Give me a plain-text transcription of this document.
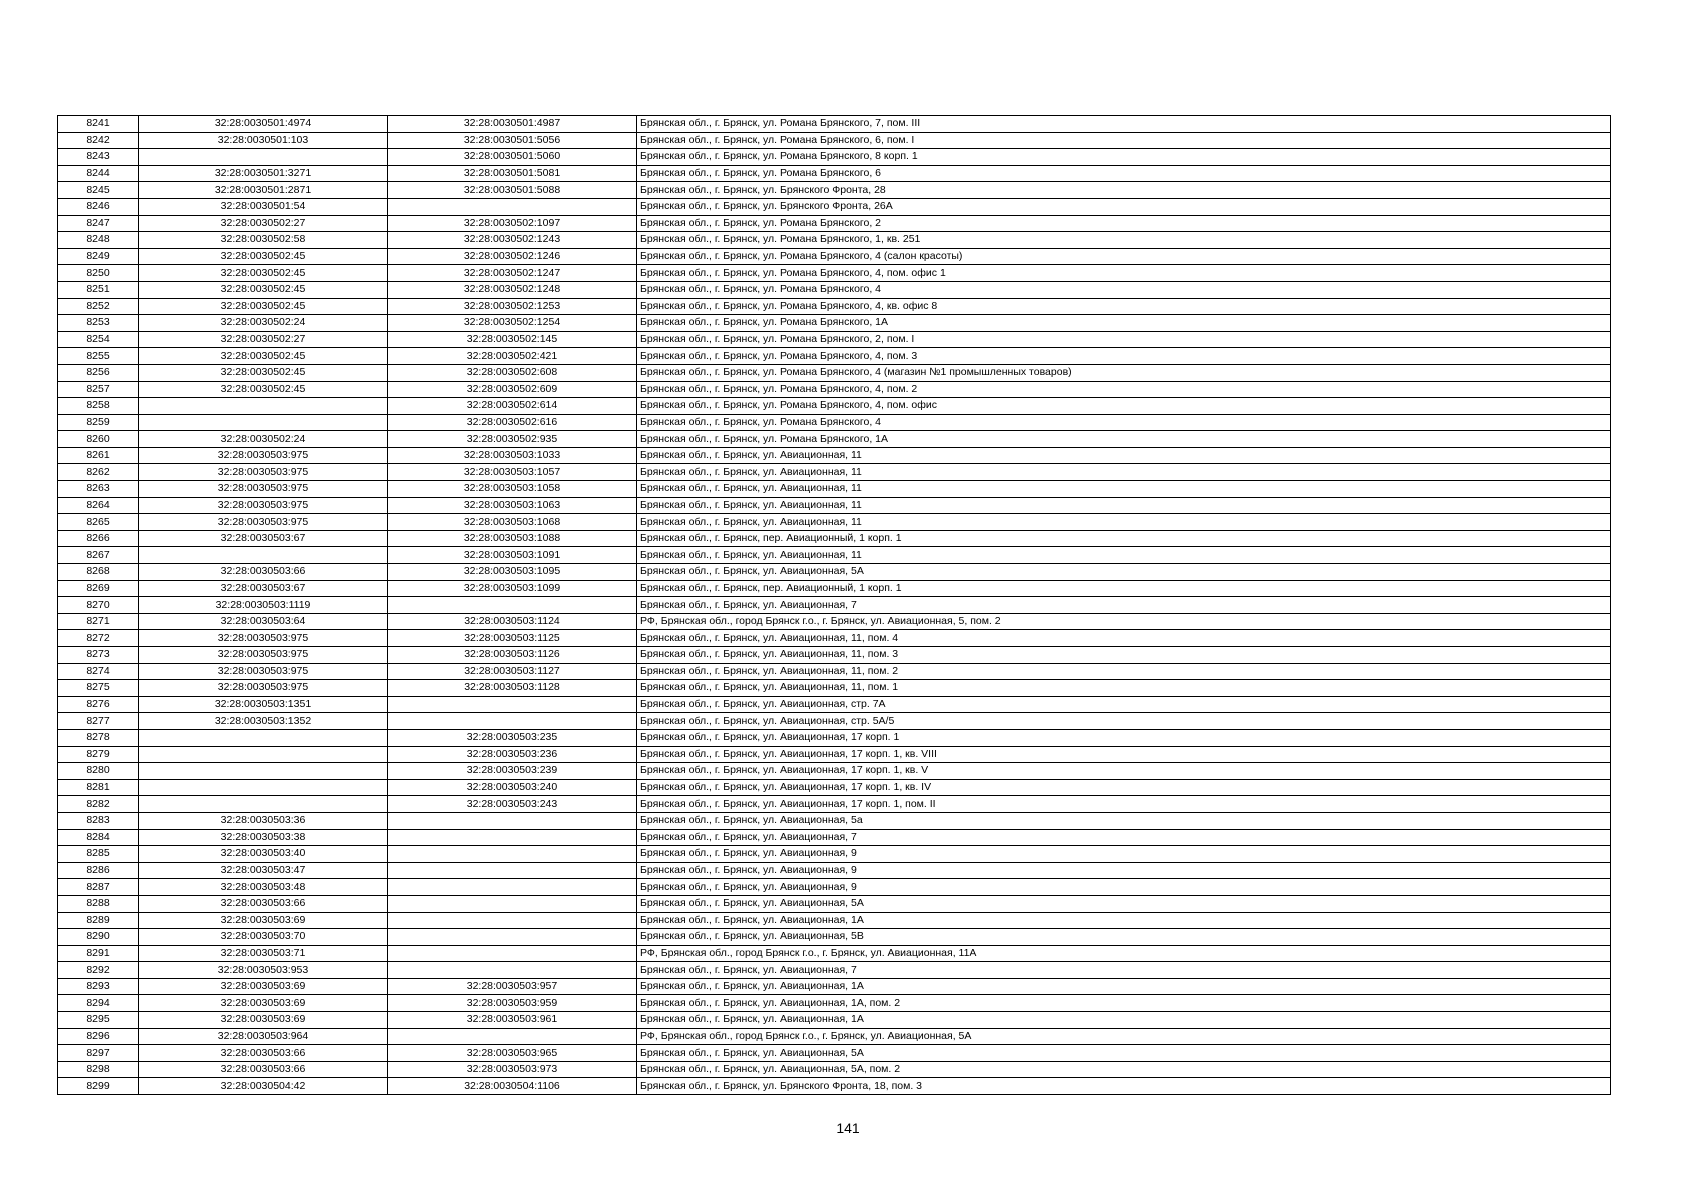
8241	32:28:0030501:4974	32:28:0030501:4987	Брянская обл., г. Брянск, ул. Романа Брянского, 7, пом. III
8242	32:28:0030501:103	32:28:0030501:5056	Брянская обл., г. Брянск, ул. Романа Брянского, 6, пом. I
8243		32:28:0030501:5060	Брянская обл., г. Брянск, ул. Романа Брянского, 8 корп. 1
8244	32:28:0030501:3271	32:28:0030501:5081	Брянская обл., г. Брянск, ул. Романа Брянского, 6
8245	32:28:0030501:2871	32:28:0030501:5088	Брянская обл., г. Брянск, ул. Брянского Фронта, 28
8246	32:28:0030501:54		Брянская обл., г. Брянск, ул. Брянского Фронта, 26А
8247	32:28:0030502:27	32:28:0030502:1097	Брянская обл., г. Брянск, ул. Романа Брянского, 2
8248	32:28:0030502:58	32:28:0030502:1243	Брянская обл., г. Брянск, ул. Романа Брянского, 1, кв. 251
8249	32:28:0030502:45	32:28:0030502:1246	Брянская обл., г. Брянск, ул. Романа Брянского, 4 (салон красоты)
8250	32:28:0030502:45	32:28:0030502:1247	Брянская обл., г. Брянск, ул. Романа Брянского, 4, пом. офис 1
8251	32:28:0030502:45	32:28:0030502:1248	Брянская обл., г. Брянск, ул. Романа Брянского, 4
8252	32:28:0030502:45	32:28:0030502:1253	Брянская обл., г. Брянск, ул. Романа Брянского, 4, кв. офис 8
8253	32:28:0030502:24	32:28:0030502:1254	Брянская обл., г. Брянск, ул. Романа Брянского, 1А
8254	32:28:0030502:27	32:28:0030502:145	Брянская обл., г. Брянск, ул. Романа Брянского, 2, пом. I
8255	32:28:0030502:45	32:28:0030502:421	Брянская обл., г. Брянск, ул. Романа Брянского, 4, пом. 3
8256	32:28:0030502:45	32:28:0030502:608	Брянская обл., г. Брянск, ул. Романа Брянского, 4 (магазин №1 промышленных товаров)
8257	32:28:0030502:45	32:28:0030502:609	Брянская обл., г. Брянск, ул. Романа Брянского, 4, пом. 2
8258		32:28:0030502:614	Брянская обл., г. Брянск, ул. Романа Брянского, 4, пом. офис
8259		32:28:0030502:616	Брянская обл., г. Брянск, ул. Романа Брянского, 4
8260	32:28:0030502:24	32:28:0030502:935	Брянская обл., г. Брянск, ул. Романа Брянского, 1А
8261	32:28:0030503:975	32:28:0030503:1033	Брянская обл., г. Брянск, ул. Авиационная, 11
8262	32:28:0030503:975	32:28:0030503:1057	Брянская обл., г. Брянск, ул. Авиационная, 11
8263	32:28:0030503:975	32:28:0030503:1058	Брянская обл., г. Брянск, ул. Авиационная, 11
8264	32:28:0030503:975	32:28:0030503:1063	Брянская обл., г. Брянск, ул. Авиационная, 11
8265	32:28:0030503:975	32:28:0030503:1068	Брянская обл., г. Брянск, ул. Авиационная, 11
8266	32:28:0030503:67	32:28:0030503:1088	Брянская обл., г. Брянск, пер. Авиационный, 1 корп. 1
8267		32:28:0030503:1091	Брянская обл., г. Брянск, ул. Авиационная, 11
8268	32:28:0030503:66	32:28:0030503:1095	Брянская обл., г. Брянск, ул. Авиационная, 5А
8269	32:28:0030503:67	32:28:0030503:1099	Брянская обл., г. Брянск, пер. Авиационный, 1 корп. 1
8270	32:28:0030503:1119		Брянская обл., г. Брянск, ул. Авиационная, 7
8271	32:28:0030503:64	32:28:0030503:1124	РФ, Брянская обл., город Брянск г.о., г. Брянск, ул. Авиационная, 5, пом. 2
8272	32:28:0030503:975	32:28:0030503:1125	Брянская обл., г. Брянск, ул. Авиационная, 11, пом. 4
8273	32:28:0030503:975	32:28:0030503:1126	Брянская обл., г. Брянск, ул. Авиационная, 11, пом. 3
8274	32:28:0030503:975	32:28:0030503:1127	Брянская обл., г. Брянск, ул. Авиационная, 11, пом. 2
8275	32:28:0030503:975	32:28:0030503:1128	Брянская обл., г. Брянск, ул. Авиационная, 11, пом. 1
8276	32:28:0030503:1351		Брянская обл., г. Брянск, ул. Авиационная, стр. 7А
8277	32:28:0030503:1352		Брянская обл., г. Брянск, ул. Авиационная, стр. 5А/5
8278		32:28:0030503:235	Брянская обл., г. Брянск, ул. Авиационная, 17 корп. 1
8279		32:28:0030503:236	Брянская обл., г. Брянск, ул. Авиационная, 17 корп. 1, кв. VIII
8280		32:28:0030503:239	Брянская обл., г. Брянск, ул. Авиационная, 17 корп. 1, кв. V
8281		32:28:0030503:240	Брянская обл., г. Брянск, ул. Авиационная, 17 корп. 1, кв. IV
8282		32:28:0030503:243	Брянская обл., г. Брянск, ул. Авиационная, 17 корп. 1, пом. II
8283	32:28:0030503:36		Брянская обл., г. Брянск, ул. Авиационная, 5а
8284	32:28:0030503:38		Брянская обл., г. Брянск, ул. Авиационная, 7
8285	32:28:0030503:40		Брянская обл., г. Брянск, ул. Авиационная, 9
8286	32:28:0030503:47		Брянская обл., г. Брянск, ул. Авиационная, 9
8287	32:28:0030503:48		Брянская обл., г. Брянск, ул. Авиационная, 9
8288	32:28:0030503:66		Брянская обл., г. Брянск, ул. Авиационная, 5А
8289	32:28:0030503:69		Брянская обл., г. Брянск, ул. Авиационная, 1А
8290	32:28:0030503:70		Брянская обл., г. Брянск, ул. Авиационная, 5В
8291	32:28:0030503:71		РФ, Брянская обл., город Брянск г.о., г. Брянск, ул. Авиационная, 11А
8292	32:28:0030503:953		Брянская обл., г. Брянск, ул. Авиационная, 7
8293	32:28:0030503:69	32:28:0030503:957	Брянская обл., г. Брянск, ул. Авиационная, 1А
8294	32:28:0030503:69	32:28:0030503:959	Брянская обл., г. Брянск, ул. Авиационная, 1А, пом. 2
8295	32:28:0030503:69	32:28:0030503:961	Брянская обл., г. Брянск, ул. Авиационная, 1А
8296	32:28:0030503:964		РФ, Брянская обл., город Брянск г.о., г. Брянск, ул. Авиационная, 5А
8297	32:28:0030503:66	32:28:0030503:965	Брянская обл., г. Брянск, ул. Авиационная, 5А
8298	32:28:0030503:66	32:28:0030503:973	Брянская обл., г. Брянск, ул. Авиационная, 5А, пом. 2
8299	32:28:0030504:42	32:28:0030504:1106	Брянская обл., г. Брянск, ул. Брянского Фронта, 18, пом. 3
141
